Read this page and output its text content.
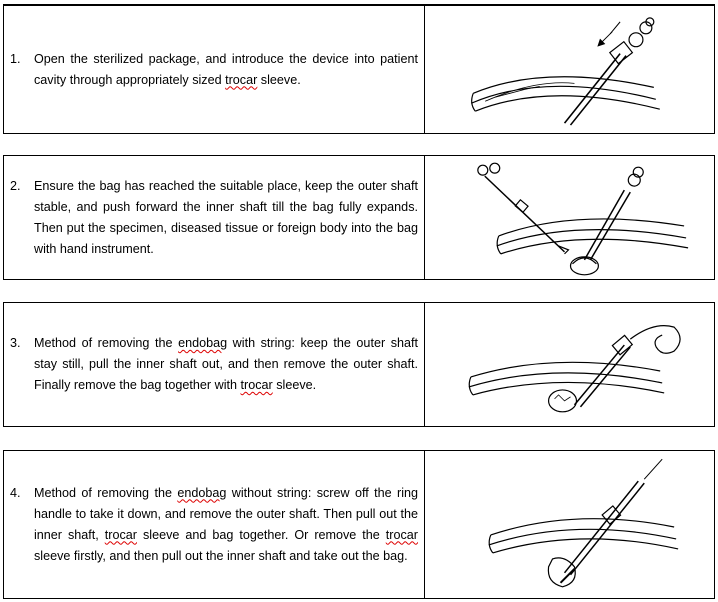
1.	Open the sterilized package, and introduce the device into patient cavity through appropriately sized trocar sleeve.
2.	Ensure the bag has reached the suitable place, keep the outer shaft stable, and push forward the inner shaft till the bag fully expands. Then put the specimen, diseased tissue or foreign body into the bag with hand instrument.
3.	Method of removing the endobag with string: keep the outer shaft stay still, pull the inner shaft out, and then remove the outer shaft. Finally remove the bag together with trocar sleeve.
4.	Method of removing the endobag without string: screw off the ring handle to take it down, and remove the outer shaft. Then pull out the inner shaft, trocar sleeve and bag together. Or remove the trocar sleeve firstly, and then pull out the inner shaft and take out the bag.
